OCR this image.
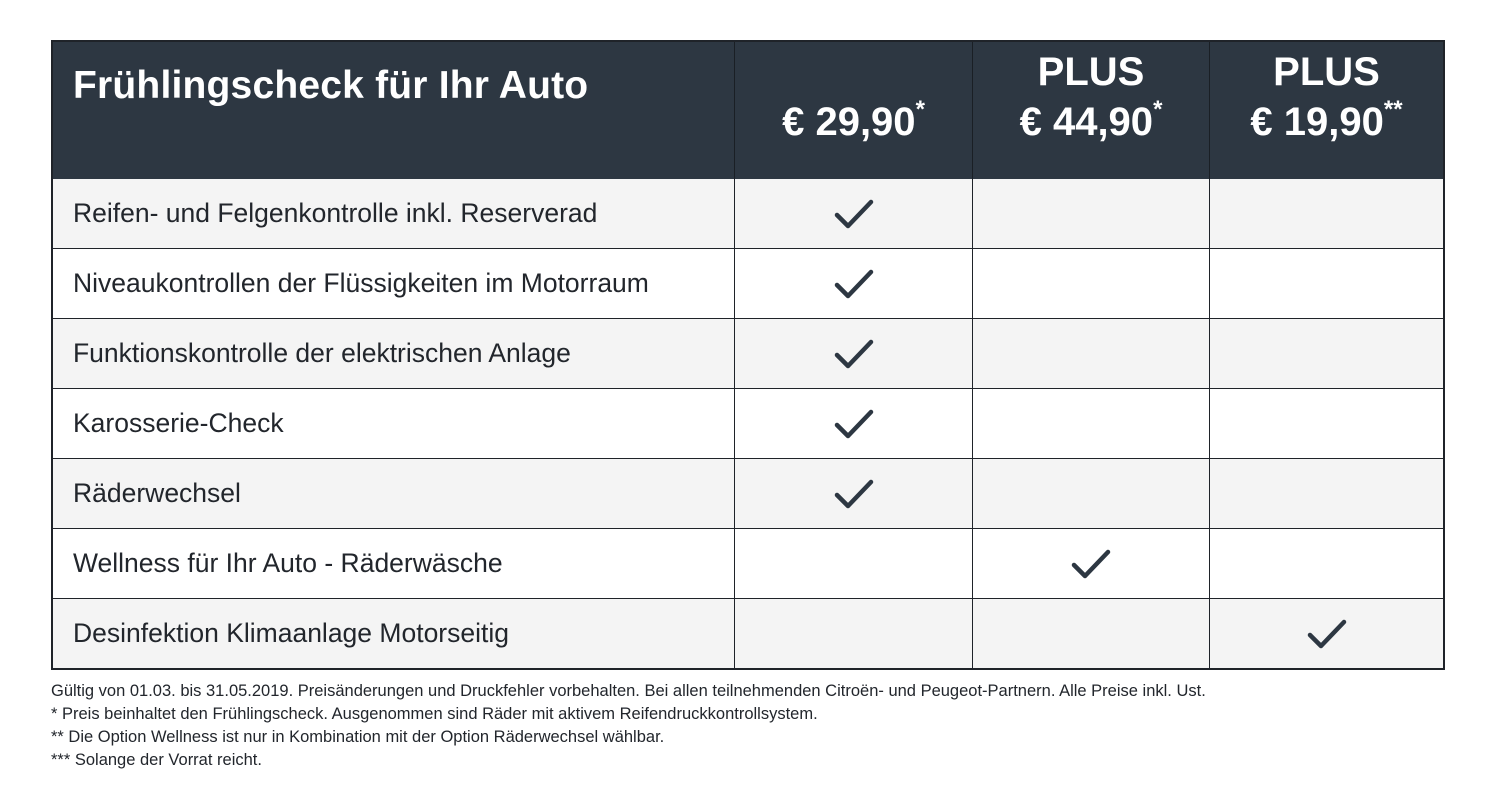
Frühlingscheck für Ihr Auto
€ 29,90*
PLUS
€ 44,90*
PLUS
€ 19,90**
Reifen- und Felgenkontrolle inkl. Reserverad
Niveaukontrollen der Flüssigkeiten im Motorraum
Funktionskontrolle der elektrischen Anlage
Karosserie-Check
Räderwechsel
Wellness für Ihr Auto - Räderwäsche
Desinfektion Klimaanlage Motorseitig
Gültig von 01.03. bis 31.05.2019. Preisänderungen und Druckfehler vorbehalten. Bei allen teilnehmenden Citroën- und Peugeot-Partnern. Alle Preise inkl. Ust.
* Preis beinhaltet den Frühlingscheck. Ausgenommen sind Räder mit aktivem Reifendruckkontrollsystem.
** Die Option Wellness ist nur in Kombination mit der Option Räderwechsel wählbar.
*** Solange der Vorrat reicht.
